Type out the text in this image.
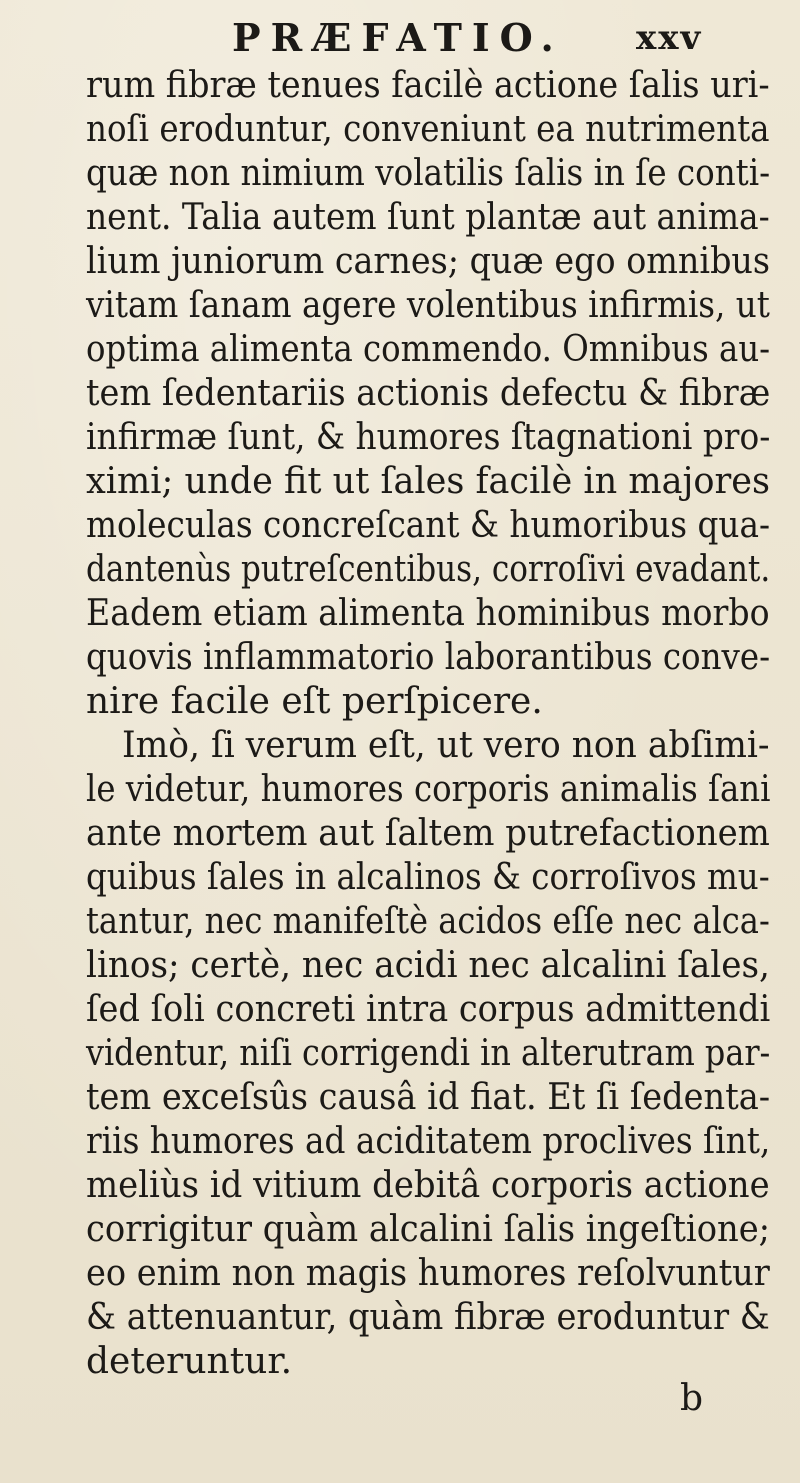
PRÆFATIO. xxv
rum fibræ tenues facilè actione ſalis uri-
noſi eroduntur, conveniunt ea nutrimenta
quæ non nimium volatilis ſalis in ſe conti-
nent. Talia autem ſunt plantæ aut anima-
lium juniorum carnes; quæ ego omnibus
vitam ſanam agere volentibus infirmis, ut
optima alimenta commendo. Omnibus au-
tem ſedentariis actionis defectu & fibræ
infirmæ ſunt, & humores ſtagnationi pro-
ximi; unde fit ut ſales facilè in majores
moleculas concreſcant & humoribus qua-
dantenùs putreſcentibus, corroſivi evadant.
Eadem etiam alimenta hominibus morbo
quovis inflammatorio laborantibus conve-
nire facile eſt perſpicere.
Imò, ſi verum eſt, ut vero non abſimi-
le videtur, humores corporis animalis ſani
ante mortem aut ſaltem putrefactionem
quibus ſales in alcalinos & corroſivos mu-
tantur, nec manifeſtè acidos eſſe nec alca-
linos; certè, nec acidi nec alcalini ſales,
ſed ſoli concreti intra corpus admittendi
videntur, niſi corrigendi in alterutram par-
tem exceſsûs causâ id fiat. Et ſi ſedenta-
riis humores ad aciditatem proclives ſint,
meliùs id vitium debitâ corporis actione
corrigitur quàm alcalini ſalis ingeſtione;
eo enim non magis humores reſolvuntur
& attenuantur, quàm fibræ eroduntur &
deteruntur.
b
